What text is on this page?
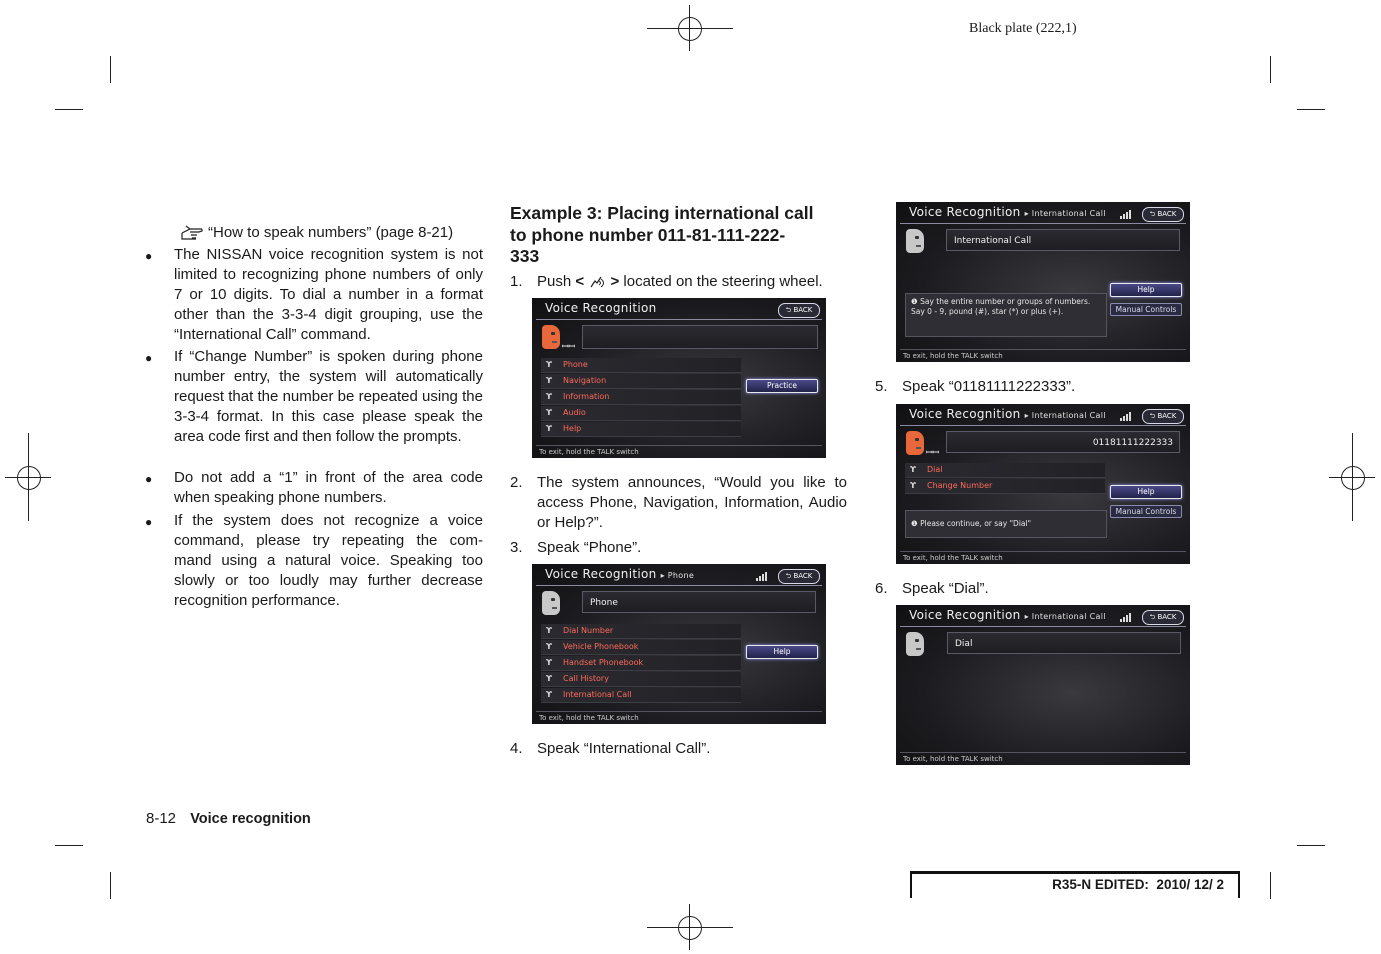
Black plate (222,1)
“How to speak numbers” (page 8-21)
● The NISSAN voice recognition system is not limited to recognizing phone numbers of only 7 or 10 digits. To dial a number in a format other than the 3-3-4 digit grouping, use the “International Call” command.
● If “Change Number” is spoken during phone number entry, the system will automatically request that the number be repeated using the 3-3-4 format. In this case please speak the area code first and then follow the prompts.
● Do not add a “1” in front of the area code when speaking phone numbers.
● If the system does not recognize a voice command, please try repeating the com- mand using a natural voice. Speaking too slowly or too loudly may further decrease recognition performance.
Example 3: Placing international call
to phone number 011-81-111-222-
333
1. Push < > located on the steering wheel.
Voice Recognition	⮌ BACK
ꟷꟷ
ϒ Phone
ϒ Navigation
ϒ Information
ϒ Audio
ϒ Help
Practice
To exit, hold the TALK switch
2. The system announces, “Would you like to access Phone, Navigation, Information, Audio or Help?”.
3. Speak “Phone”.
Voice Recognition ▸ Phone	⮌ BACK
Phone
ϒ Dial Number
ϒ Vehicle Phonebook
ϒ Handset Phonebook
ϒ Call History
ϒ International Call
Help
To exit, hold the TALK switch
4. Speak “International Call”.
Voice Recognition ▸ International Call	⮌ BACK
International Call
Help
Manual Controls
❶ Say the entire number or groups of numbers. Say 0 - 9, pound (#), star (*) or plus (+).
To exit, hold the TALK switch
5. Speak “01181111222333”.
Voice Recognition ▸ International Call	⮌ BACK
ꟷꟷ
01181111222333
ϒ Dial
ϒ Change Number
Help
Manual Controls
❶ Please continue, or say "Dial"
To exit, hold the TALK switch
6. Speak “Dial”.
Voice Recognition ▸ International Call	⮌ BACK
Dial
To exit, hold the TALK switch
8-12 Voice recognition
R35-N EDITED:  2010/ 12/ 2
